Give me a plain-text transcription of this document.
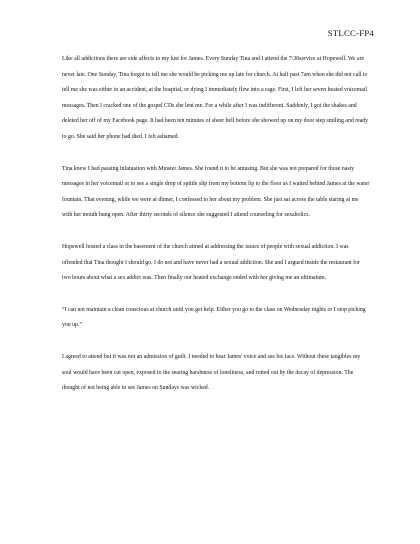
STLCC-FP4

Like all addictions there are side affects to my lust for James. Every Sunday Tina and I attend the 7:30service at Hopewell. We are never late. One Sunday, Tina forgot to tell me she would be picking me up late for church. At half past 7am when she did not call to tell me she was either in an accident, at the hospital, or dying I immediately flew into a rage. First, I left her seven heated voicemail messages. Then I cracked one of the gospel CDs she lent me. For a while after I was indifferent. Suddenly, I got the shakes and deleted her off of my Facebook page. It had been ten minutes of sheer hell before she showed up on my door step smiling and ready to go. She said her phone had died. I felt ashamed.

Tina knew I had passing infatuation with Minster James. She found it to be amusing. But she was not prepared for those nasty messages in her voicemail or to see a single drop of spittle slip from my bottom lip to the floor as I waited behind James at the water fountain. That evening, while we were at dinner, I confessed to her about my problem. She just sat across the table staring at me with her mouth hung open. After thirty seconds of silence she suggested I attend counseling for sexaholics.

Hopewell hosted a class in the basement of the church aimed at addressing the issues of people with sexual addiction. I was offended that Tina thought I should go. I do not and have never had a sexual addiction. She and I argued inside the restaurant for two hours about what a sex addict was. Then finally our heated exchange ended with her giving me an ultimatum.

“I can not maintain a clean conscious at church until you get help. Either you go to the class on Wednesday nights or I stop picking you up.”

I agreed to attend but it was not an admission of guilt. I needed to hear James' voice and see his face. Without these tangibles my soul would have been cut open, exposed to the searing harshness of loneliness, and rotted out by the decay of depression. The thought of not being able to see James on Sundays was wicked.
